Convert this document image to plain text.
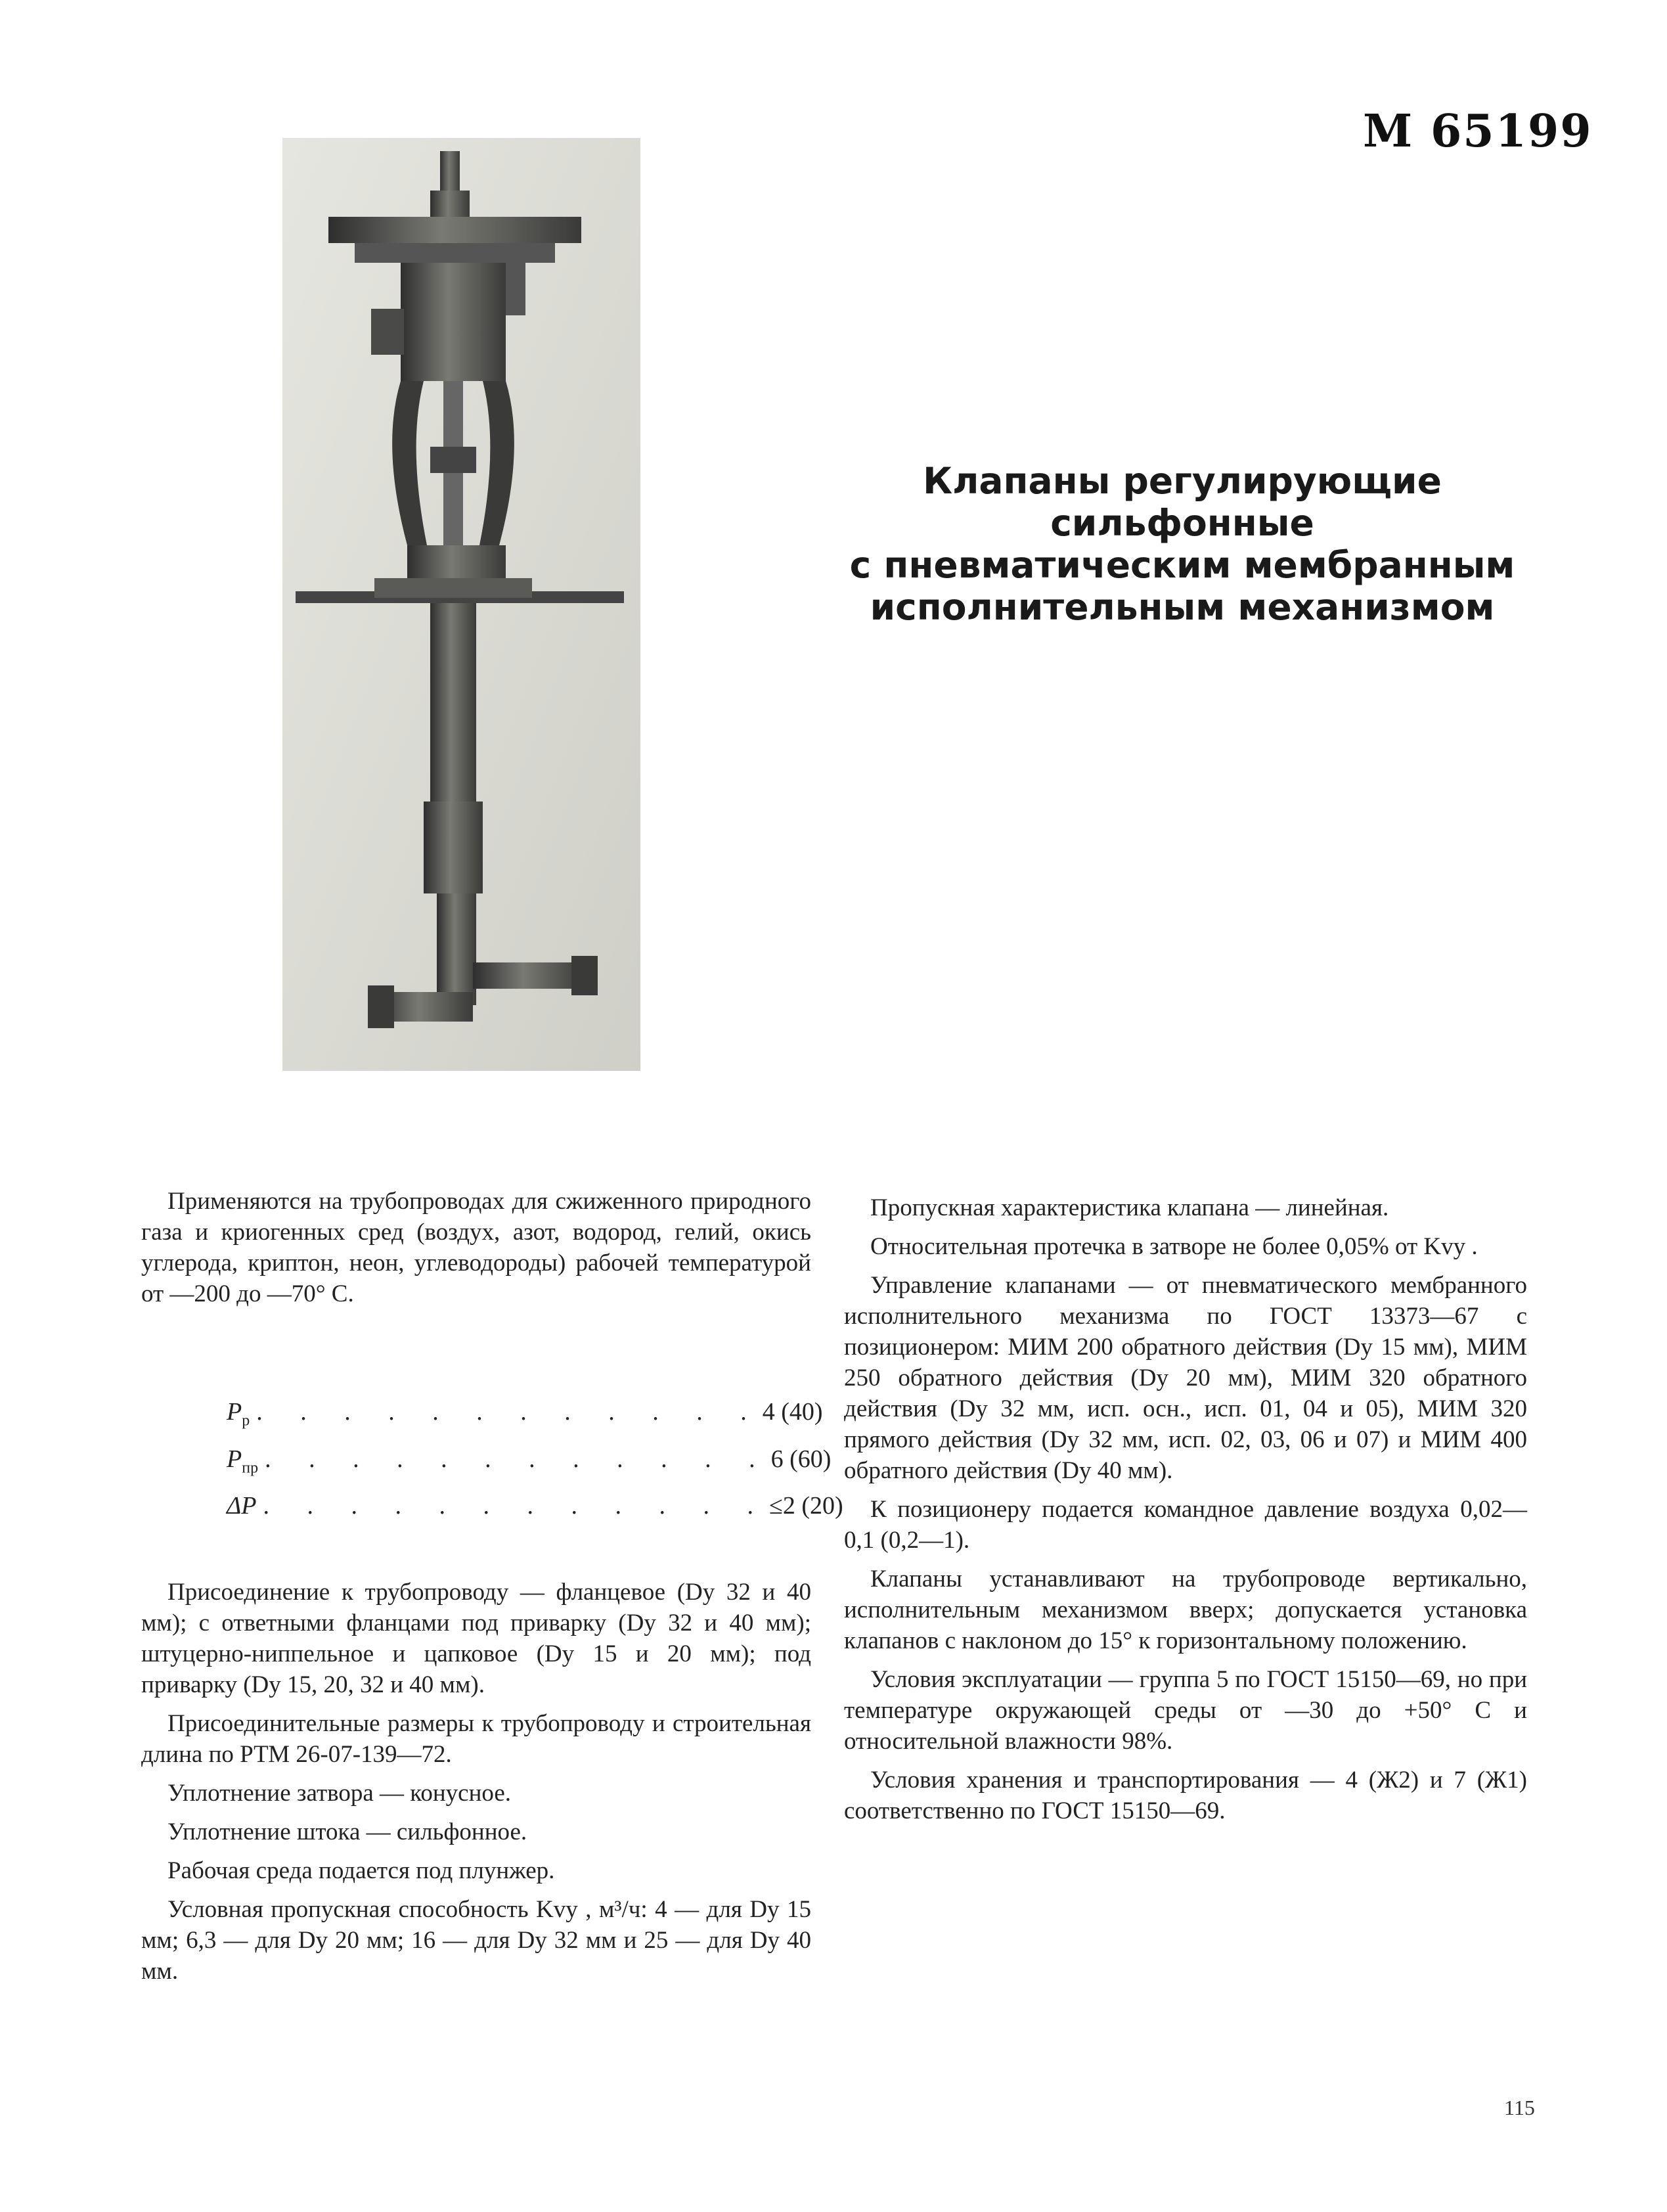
М 65199
Клапаны регулирующие
сильфонные
с пневматическим мембранным
исполнительным механизмом

Применяются на трубопроводах для сжиженного природного газа и криогенных сред (воздух, азот, водород, гелий, окись углерода, криптон, неон, углеводороды) рабочей температурой от —200 до —70° С.

$P_р$ . . . . . . . . . . . . 4 (40)
$P_{пр}$ . . . . . . . . . . . . 6 (60)
ΔP . . . . . . . . . . . . ≤2 (20)

Присоединение к трубопроводу — фланцевое (Dу 32 и 40 мм); с ответными фланцами под приварку (Dу 32 и 40 мм); штуцерно-ниппельное и цапковое (Dу 15 и 20 мм); под приварку (Dу 15, 20, 32 и 40 мм).

Присоединительные размеры к трубопроводу и строительная длина по РТМ 26-07-139—72.

Уплотнение затвора — конусное.

Уплотнение штока — сильфонное.

Рабочая среда подается под плунжер.

Условная пропускная способность Kvу , м³/ч: 4 — для Dу 15 мм; 6,3 — для Dу 20 мм; 16 — для Dу 32 мм и 25 — для Dу 40 мм.

Пропускная характеристика клапана — линейная.

Относительная протечка в затворе не более 0,05% от Kvу .

Управление клапанами — от пневматического мембранного исполнительного механизма по ГОСТ 13373—67 с позиционером: МИМ 200 обратного действия (Dу 15 мм), МИМ 250 обратного действия (Dу 20 мм), МИМ 320 обратного действия (Dу 32 мм, исп. осн., исп. 01, 04 и 05), МИМ 320 прямого действия (Dу 32 мм, исп. 02, 03, 06 и 07) и МИМ 400 обратного действия (Dу 40 мм).

К позиционеру подается командное давление воздуха 0,02—0,1 (0,2—1).

Клапаны устанавливают на трубопроводе вертикально, исполнительным механизмом вверх; допускается установка клапанов с наклоном до 15° к горизонтальному положению.

Условия эксплуатации — группа 5 по ГОСТ 15150—69, но при температуре окружающей среды от —30 до +50° С и относительной влажности 98%.

Условия хранения и транспортирования — 4 (Ж2) и 7 (Ж1) соответственно по ГОСТ 15150—69.

115
